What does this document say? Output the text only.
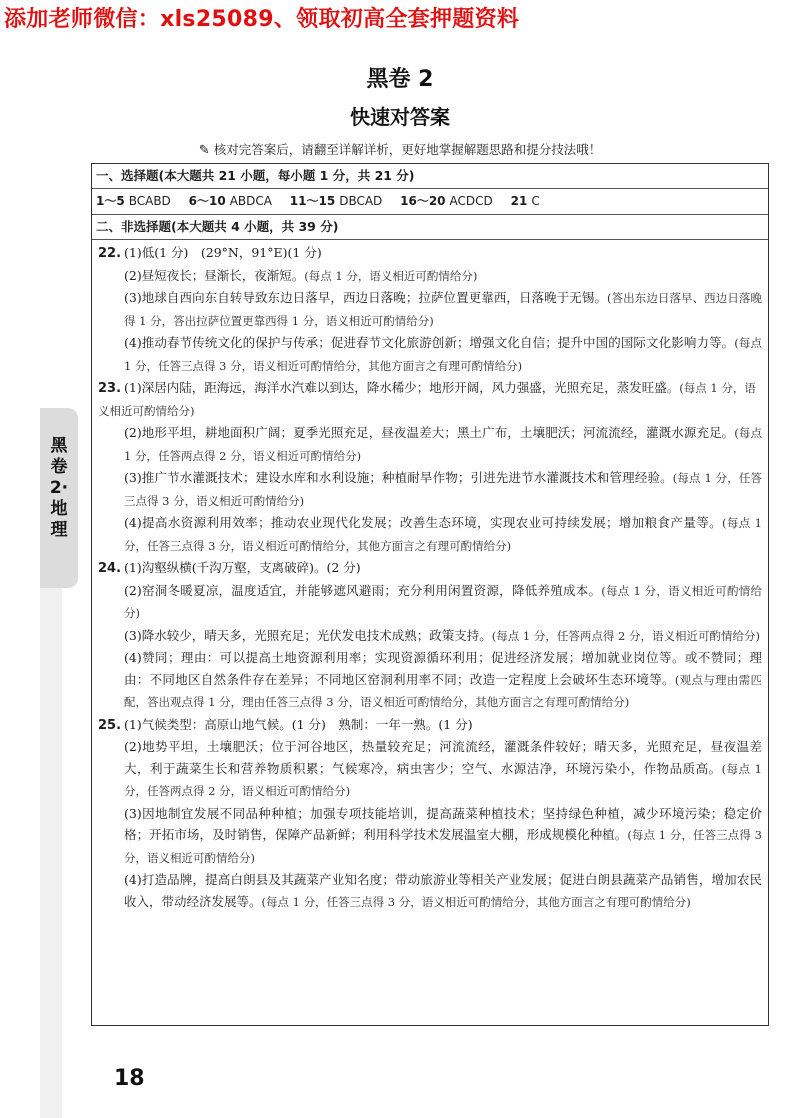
添加老师微信：xls25089、领取初高全套押题资料
黑卷 2
快速对答案
✎ 核对完答案后，请翻至详解详析，更好地掌握解题思路和提分技法哦！
黑卷2·地理
一、选择题(本大题共 21 小题，每小题 1 分，共 21 分)
1～5 BCABD 6～10 ABDCA 11～15 DBCAD 16～20 ACDCD 21 C
二、非选择题(本大题共 4 小题，共 39 分)
22. (1)低(1 分)　(29°N，91°E)(1 分)
(2)昼短夜长；昼渐长，夜渐短。(每点 1 分，语义相近可酌情给分)
(3)地球自西向东自转导致东边日落早，西边日落晚；拉萨位置更靠西，日落晚于无锡。(答出东边日落早、西边日落晚得 1 分，答出拉萨位置更靠西得 1 分，语义相近可酌情给分)
(4)推动春节传统文化的保护与传承；促进春节文化旅游创新；增强文化自信；提升中国的国际文化影响力等。(每点 1 分，任答三点得 3 分，语义相近可酌情给分，其他方面言之有理可酌情给分)
23. (1)深居内陆，距海远，海洋水汽难以到达，降水稀少；地形开阔，风力强盛，光照充足，蒸发旺盛。(每点 1 分，语义相近可酌情给分)
(2)地形平坦，耕地面积广阔；夏季光照充足，昼夜温差大；黑土广布，土壤肥沃；河流流经，灌溉水源充足。(每点 1 分，任答两点得 2 分，语义相近可酌情给分)
(3)推广节水灌溉技术；建设水库和水利设施；种植耐旱作物；引进先进节水灌溉技术和管理经验。(每点 1 分，任答三点得 3 分，语义相近可酌情给分)
(4)提高水资源利用效率；推动农业现代化发展；改善生态环境，实现农业可持续发展；增加粮食产量等。(每点 1 分，任答三点得 3 分，语义相近可酌情给分，其他方面言之有理可酌情给分)
24. (1)沟壑纵横(千沟万壑，支离破碎)。(2 分)
(2)窑洞冬暖夏凉，温度适宜，并能够遮风避雨；充分利用闲置资源，降低养殖成本。(每点 1 分，语义相近可酌情给分)
(3)降水较少，晴天多，光照充足；光伏发电技术成熟；政策支持。(每点 1 分，任答两点得 2 分，语义相近可酌情给分)
(4)赞同；理由：可以提高土地资源利用率；实现资源循环利用；促进经济发展；增加就业岗位等。或不赞同；理由：不同地区自然条件存在差异；不同地区窑洞利用率不同；改造一定程度上会破坏生态环境等。(观点与理由需匹配，答出观点得 1 分，理由任答三点得 3 分，语义相近可酌情给分，其他方面言之有理可酌情给分)
25. (1)气候类型：高原山地气候。(1 分)　熟制：一年一熟。(1 分)
(2)地势平坦，土壤肥沃；位于河谷地区，热量较充足；河流流经，灌溉条件较好；晴天多，光照充足，昼夜温差大，利于蔬菜生长和营养物质积累；气候寒冷，病虫害少；空气、水源洁净，环境污染小，作物品质高。(每点 1 分，任答两点得 2 分，语义相近可酌情给分)
(3)因地制宜发展不同品种种植；加强专项技能培训，提高蔬菜种植技术；坚持绿色种植，减少环境污染；稳定价格；开拓市场，及时销售，保障产品新鲜；利用科学技术发展温室大棚，形成规模化种植。(每点 1 分，任答三点得 3 分，语义相近可酌情给分)
(4)打造品牌，提高白朗县及其蔬菜产业知名度；带动旅游业等相关产业发展；促进白朗县蔬菜产品销售，增加农民收入，带动经济发展等。(每点 1 分，任答三点得 3 分，语义相近可酌情给分，其他方面言之有理可酌情给分)
18
